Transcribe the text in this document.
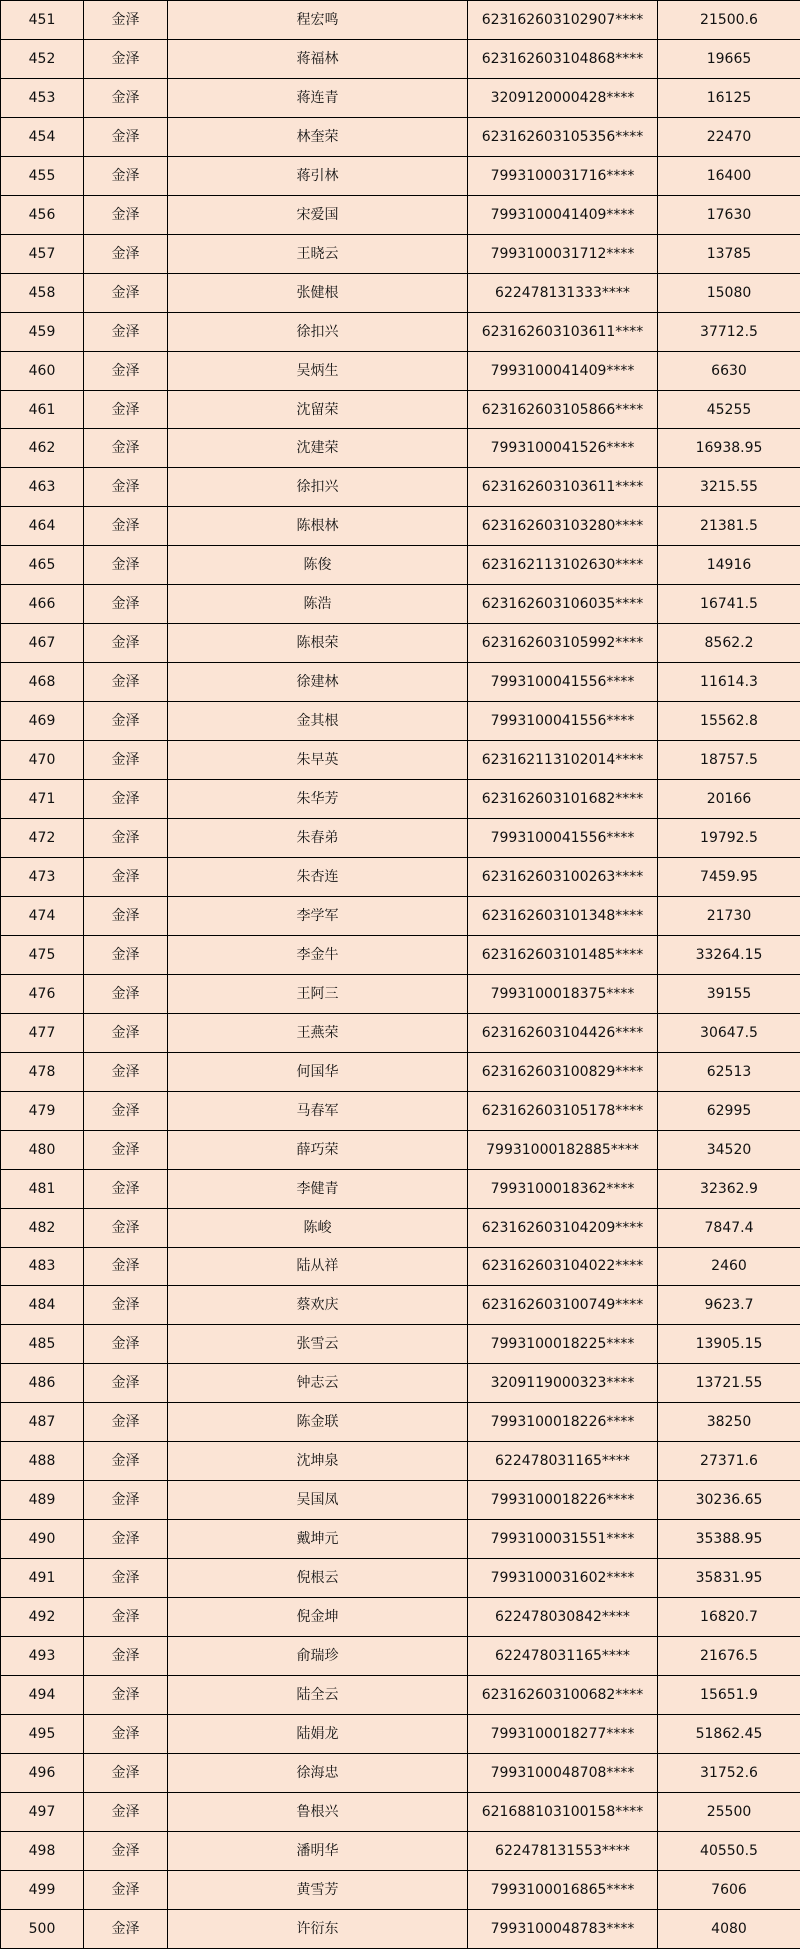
451	金泽	程宏鸣	623162603102907****	21500.6
452	金泽	蒋福林	623162603104868****	19665
453	金泽	蒋连青	3209120000428****	16125
454	金泽	林奎荣	623162603105356****	22470
455	金泽	蒋引林	7993100031716****	16400
456	金泽	宋爱国	7993100041409****	17630
457	金泽	王晓云	7993100031712****	13785
458	金泽	张健根	622478131333****	15080
459	金泽	徐扣兴	623162603103611****	37712.5
460	金泽	吴炳生	7993100041409****	6630
461	金泽	沈留荣	623162603105866****	45255
462	金泽	沈建荣	7993100041526****	16938.95
463	金泽	徐扣兴	623162603103611****	3215.55
464	金泽	陈根林	623162603103280****	21381.5
465	金泽	陈俊	623162113102630****	14916
466	金泽	陈浩	623162603106035****	16741.5
467	金泽	陈根荣	623162603105992****	8562.2
468	金泽	徐建林	7993100041556****	11614.3
469	金泽	金其根	7993100041556****	15562.8
470	金泽	朱早英	623162113102014****	18757.5
471	金泽	朱华芳	623162603101682****	20166
472	金泽	朱春弟	7993100041556****	19792.5
473	金泽	朱杏连	623162603100263****	7459.95
474	金泽	李学军	623162603101348****	21730
475	金泽	李金牛	623162603101485****	33264.15
476	金泽	王阿三	7993100018375****	39155
477	金泽	王燕荣	623162603104426****	30647.5
478	金泽	何国华	623162603100829****	62513
479	金泽	马春军	623162603105178****	62995
480	金泽	薛巧荣	79931000182885****	34520
481	金泽	李健青	7993100018362****	32362.9
482	金泽	陈峻	623162603104209****	7847.4
483	金泽	陆从祥	623162603104022****	2460
484	金泽	蔡欢庆	623162603100749****	9623.7
485	金泽	张雪云	7993100018225****	13905.15
486	金泽	钟志云	3209119000323****	13721.55
487	金泽	陈金联	7993100018226****	38250
488	金泽	沈坤泉	622478031165****	27371.6
489	金泽	吴国凤	7993100018226****	30236.65
490	金泽	戴坤元	7993100031551****	35388.95
491	金泽	倪根云	7993100031602****	35831.95
492	金泽	倪金坤	622478030842****	16820.7
493	金泽	俞瑞珍	622478031165****	21676.5
494	金泽	陆全云	623162603100682****	15651.9
495	金泽	陆娟龙	7993100018277****	51862.45
496	金泽	徐海忠	7993100048708****	31752.6
497	金泽	鲁根兴	621688103100158****	25500
498	金泽	潘明华	622478131553****	40550.5
499	金泽	黄雪芳	7993100016865****	7606
500	金泽	许衍东	7993100048783****	4080
